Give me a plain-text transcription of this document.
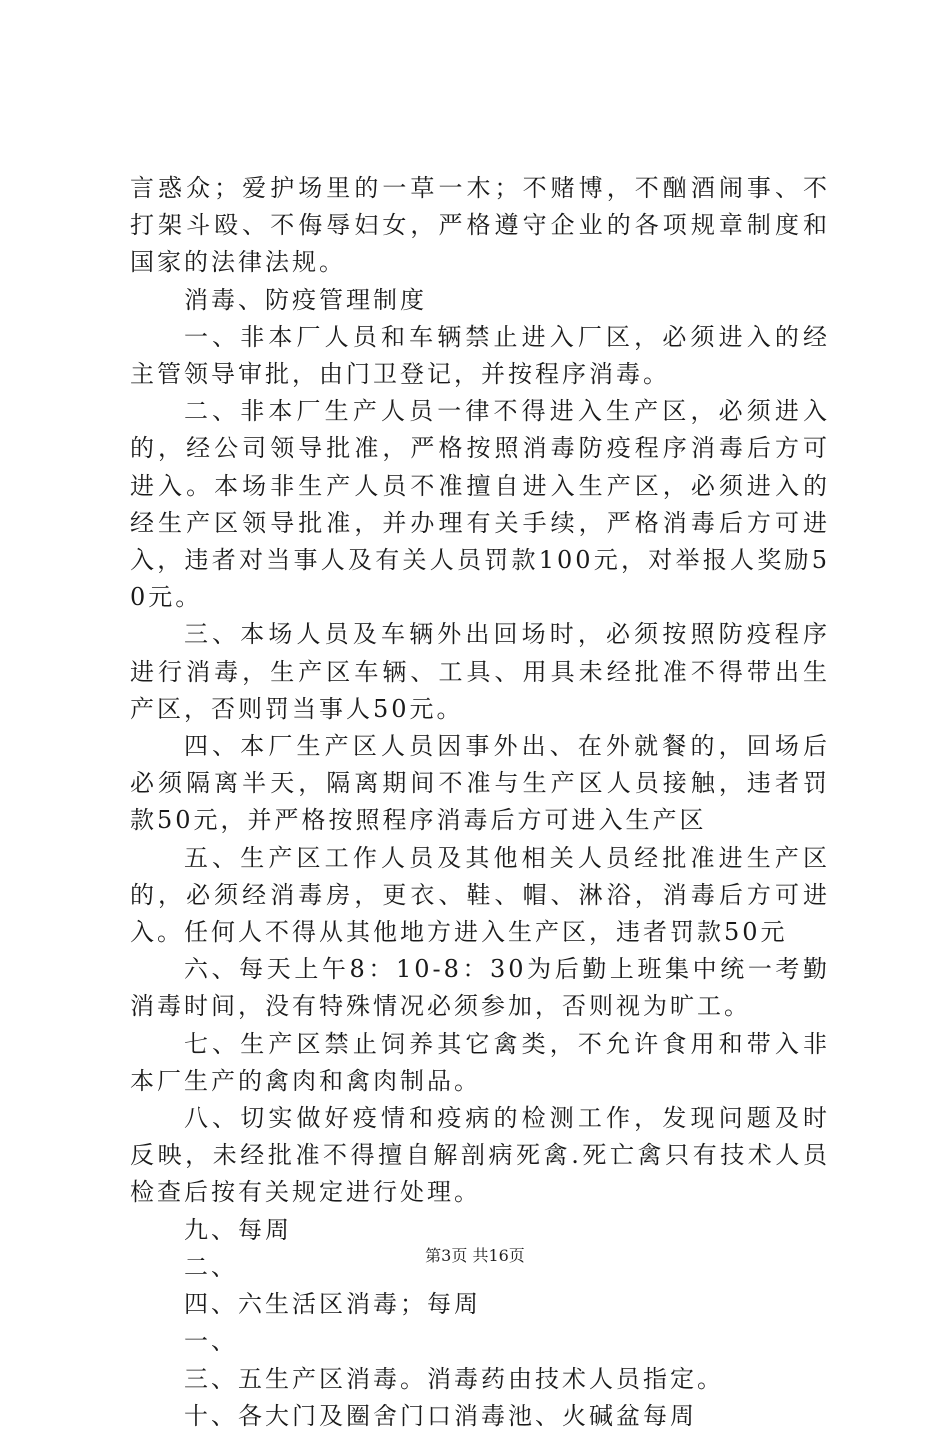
言惑众；爱护场里的一草一木；不赌博，不酗酒闹事、不打架斗殴、不侮辱妇女，严格遵守企业的各项规章制度和国家的法律法规。

消毒、防疫管理制度

一、非本厂人员和车辆禁止进入厂区，必须进入的经主管领导审批，由门卫登记，并按程序消毒。

二、非本厂生产人员一律不得进入生产区，必须进入的，经公司领导批准，严格按照消毒防疫程序消毒后方可进入。本场非生产人员不准擅自进入生产区，必须进入的经生产区领导批准，并办理有关手续，严格消毒后方可进入，违者对当事人及有关人员罚款100元，对举报人奖励50元。

三、本场人员及车辆外出回场时，必须按照防疫程序进行消毒，生产区车辆、工具、用具未经批准不得带出生产区，否则罚当事人50元。

四、本厂生产区人员因事外出、在外就餐的，回场后必须隔离半天，隔离期间不准与生产区人员接触，违者罚款50元，并严格按照程序消毒后方可进入生产区

五、生产区工作人员及其他相关人员经批准进生产区的，必须经消毒房，更衣、鞋、帽、淋浴，消毒后方可进入。任何人不得从其他地方进入生产区，违者罚款50元

六、每天上午8：10-8：30为后勤上班集中统一考勤消毒时间，没有特殊情况必须参加，否则视为旷工。

七、生产区禁止饲养其它禽类，不允许食用和带入非本厂生产的禽肉和禽肉制品。

八、切实做好疫情和疫病的检测工作，发现问题及时反映，未经批准不得擅自解剖病死禽.死亡禽只有技术人员检查后按有关规定进行处理。

九、每周

二、

四、六生活区消毒；每周

一、

三、五生产区消毒。消毒药由技术人员指定。

十、各大门及圈舍门口消毒池、火碱盆每周

第3页 共16页
